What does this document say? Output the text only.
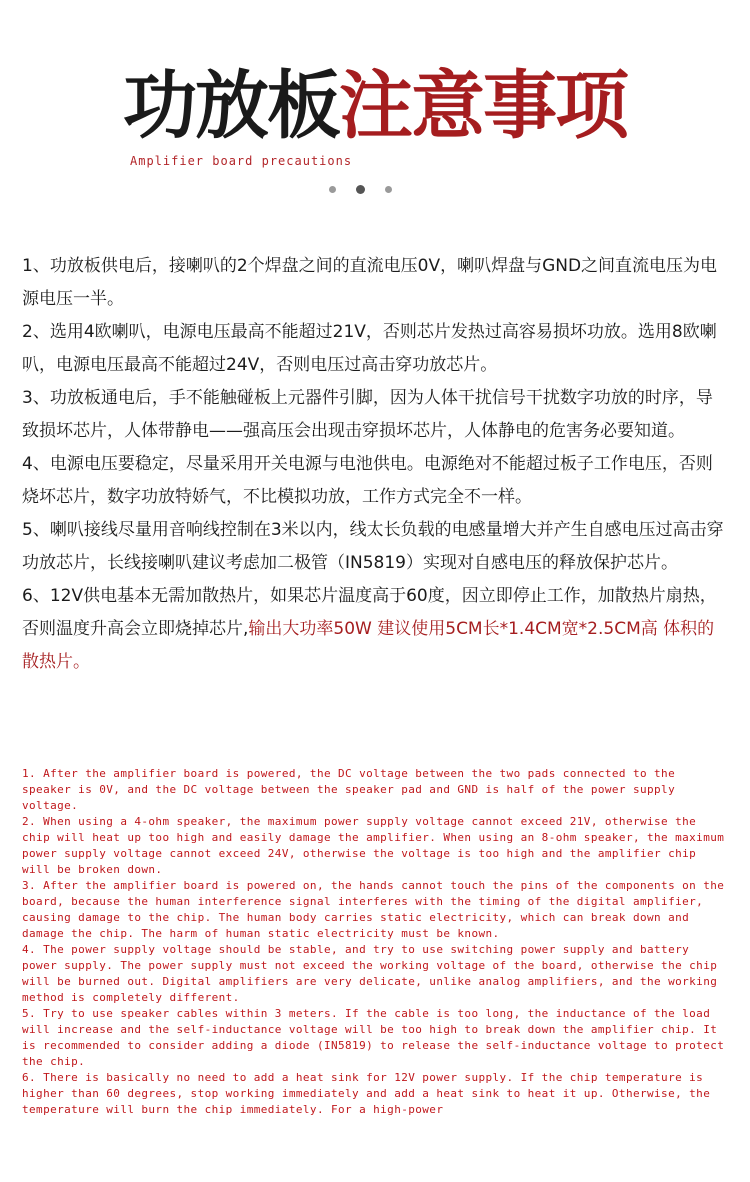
功放板注意事项
Amplifier board precautions

1、功放板供电后，接喇叭的2个焊盘之间的直流电压0V，喇叭焊盘与GND之间直流电压为电源电压一半。

2、选用4欧喇叭，电源电压最高不能超过21V，否则芯片发热过高容易损坏功放。选用8欧喇叭，电源电压最高不能超过24V，否则电压过高击穿功放芯片。

3、功放板通电后，手不能触碰板上元器件引脚，因为人体干扰信号干扰数字功放的时序，导致损坏芯片，人体带静电——强高压会出现击穿损坏芯片，人体静电的危害务必要知道。

4、电源电压要稳定，尽量采用开关电源与电池供电。电源绝对不能超过板子工作电压，否则烧坏芯片，数字功放特娇气，不比模拟功放，工作方式完全不一样。

5、喇叭接线尽量用音响线控制在3米以内，线太长负载的电感量增大并产生自感电压过高击穿功放芯片，长线接喇叭建议考虑加二极管（IN5819）实现对自感电压的释放保护芯片。

6、12V供电基本无需加散热片，如果芯片温度高于60度，因立即停止工作，加散热片扇热，否则温度升高会立即烧掉芯片,输出大功率50W 建议使用5CM长*1.4CM宽*2.5CM高 体积的散热片。

1. After the amplifier board is powered, the DC voltage between the two pads connected to the speaker is 0V, and the DC voltage between the speaker pad and GND is half of the power supply voltage.

2. When using a 4-ohm speaker, the maximum power supply voltage cannot exceed 21V, otherwise the chip will heat up too high and easily damage the amplifier. When using an 8-ohm speaker, the maximum power supply voltage cannot exceed 24V, otherwise the voltage is too high and the amplifier chip will be broken down.

3. After the amplifier board is powered on, the hands cannot touch the pins of the components on the board, because the human interference signal interferes with the timing of the digital amplifier, causing damage to the chip. The human body carries static electricity, which can break down and damage the chip. The harm of human static electricity must be known.

4. The power supply voltage should be stable, and try to use switching power supply and battery power supply. The power supply must not exceed the working voltage of the board, otherwise the chip will be burned out. Digital amplifiers are very delicate, unlike analog amplifiers, and the working method is completely different.

5. Try to use speaker cables within 3 meters. If the cable is too long, the inductance of the load will increase and the self-inductance voltage will be too high to break down the amplifier chip. It is recommended to consider adding a diode (IN5819) to release the self-inductance voltage to protect the chip.

6. There is basically no need to add a heat sink for 12V power supply. If the chip temperature is higher than 60 degrees, stop working immediately and add a heat sink to heat it up. Otherwise, the temperature will burn the chip immediately. For a high-power
